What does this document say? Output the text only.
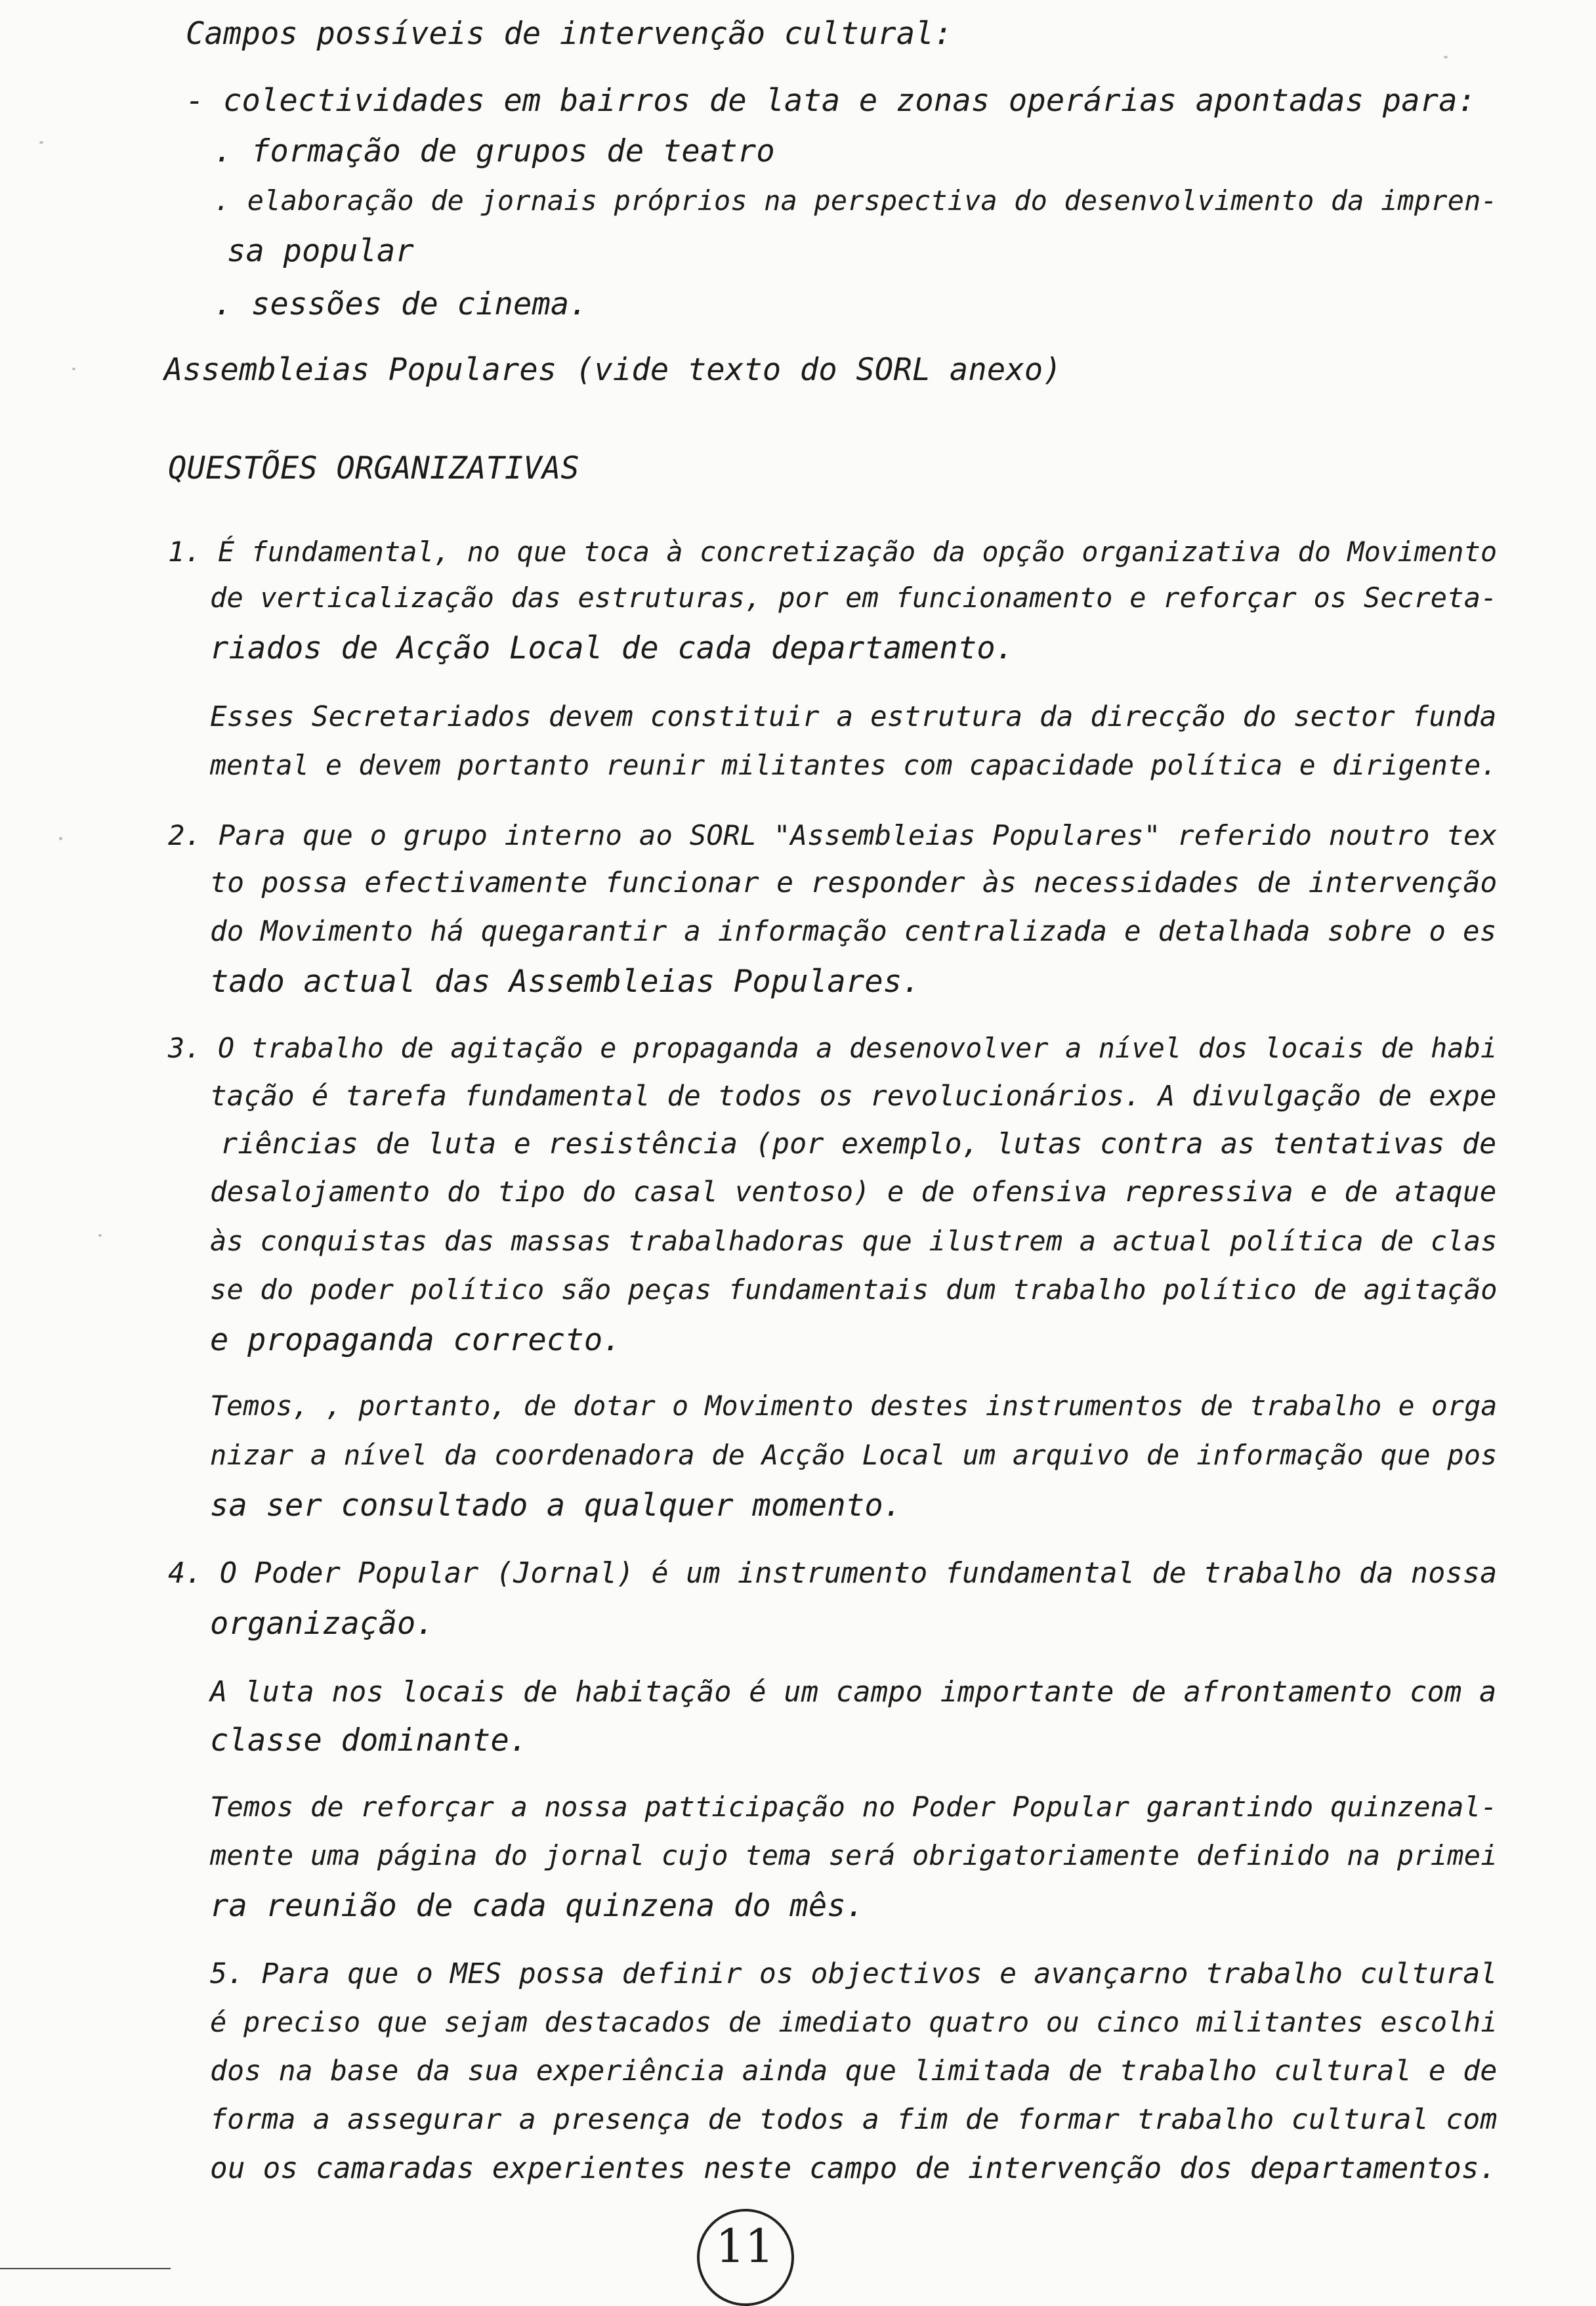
Campos possíveis de intervenção cultural:
- colectividades em bairros de lata e zonas operárias apontadas para:
. formação de grupos de teatro
. elaboração de jornais próprios na perspectiva do desenvolvimento da impren-
sa popular
. sessões de cinema.
Assembleias Populares (vide texto do SORL anexo)
QUESTÕES ORGANIZATIVAS
1. É fundamental, no que toca à concretização da opção organizativa do Movimento
de verticalização das estruturas, por em funcionamento e reforçar os Secreta-
riados de Acção Local de cada departamento.
Esses Secretariados devem constituir a estrutura da direcção do sector funda
mental e devem portanto reunir militantes com capacidade política e dirigente.
2. Para que o grupo interno ao SORL "Assembleias Populares" referido noutro tex
to possa efectivamente funcionar e responder às necessidades de intervenção
do Movimento há quegarantir a informação centralizada e detalhada sobre o es
tado actual das Assembleias Populares.
3. O trabalho de agitação e propaganda a desenovolver a nível dos locais de habi
tação é tarefa fundamental de todos os revolucionários. A divulgação de expe
riências de luta e resistência (por exemplo, lutas contra as tentativas de
desalojamento do tipo do casal ventoso) e de ofensiva repressiva e de ataque
às conquistas das massas trabalhadoras que ilustrem a actual política de clas
se do poder político são peças fundamentais dum trabalho político de agitação
e propaganda correcto.
Temos, , portanto, de dotar o Movimento destes instrumentos de trabalho e orga
nizar a nível da coordenadora de Acção Local um arquivo de informação que pos
sa ser consultado a qualquer momento.
4. O Poder Popular (Jornal) é um instrumento fundamental de trabalho da nossa
organização.
A luta nos locais de habitação é um campo importante de afrontamento com a
classe dominante.
Temos de reforçar a nossa patticipação no Poder Popular garantindo quinzenal-
mente uma página do jornal cujo tema será obrigatoriamente definido na primei
ra reunião de cada quinzena do mês.
5. Para que o MES possa definir os objectivos e avançarno trabalho cultural
é preciso que sejam destacados de imediato quatro ou cinco militantes escolhi
dos na base da sua experiência ainda que limitada de trabalho cultural e de
forma a assegurar a presença de todos a fim de formar trabalho cultural com
ou os camaradas experientes neste campo de intervenção dos departamentos.
11
